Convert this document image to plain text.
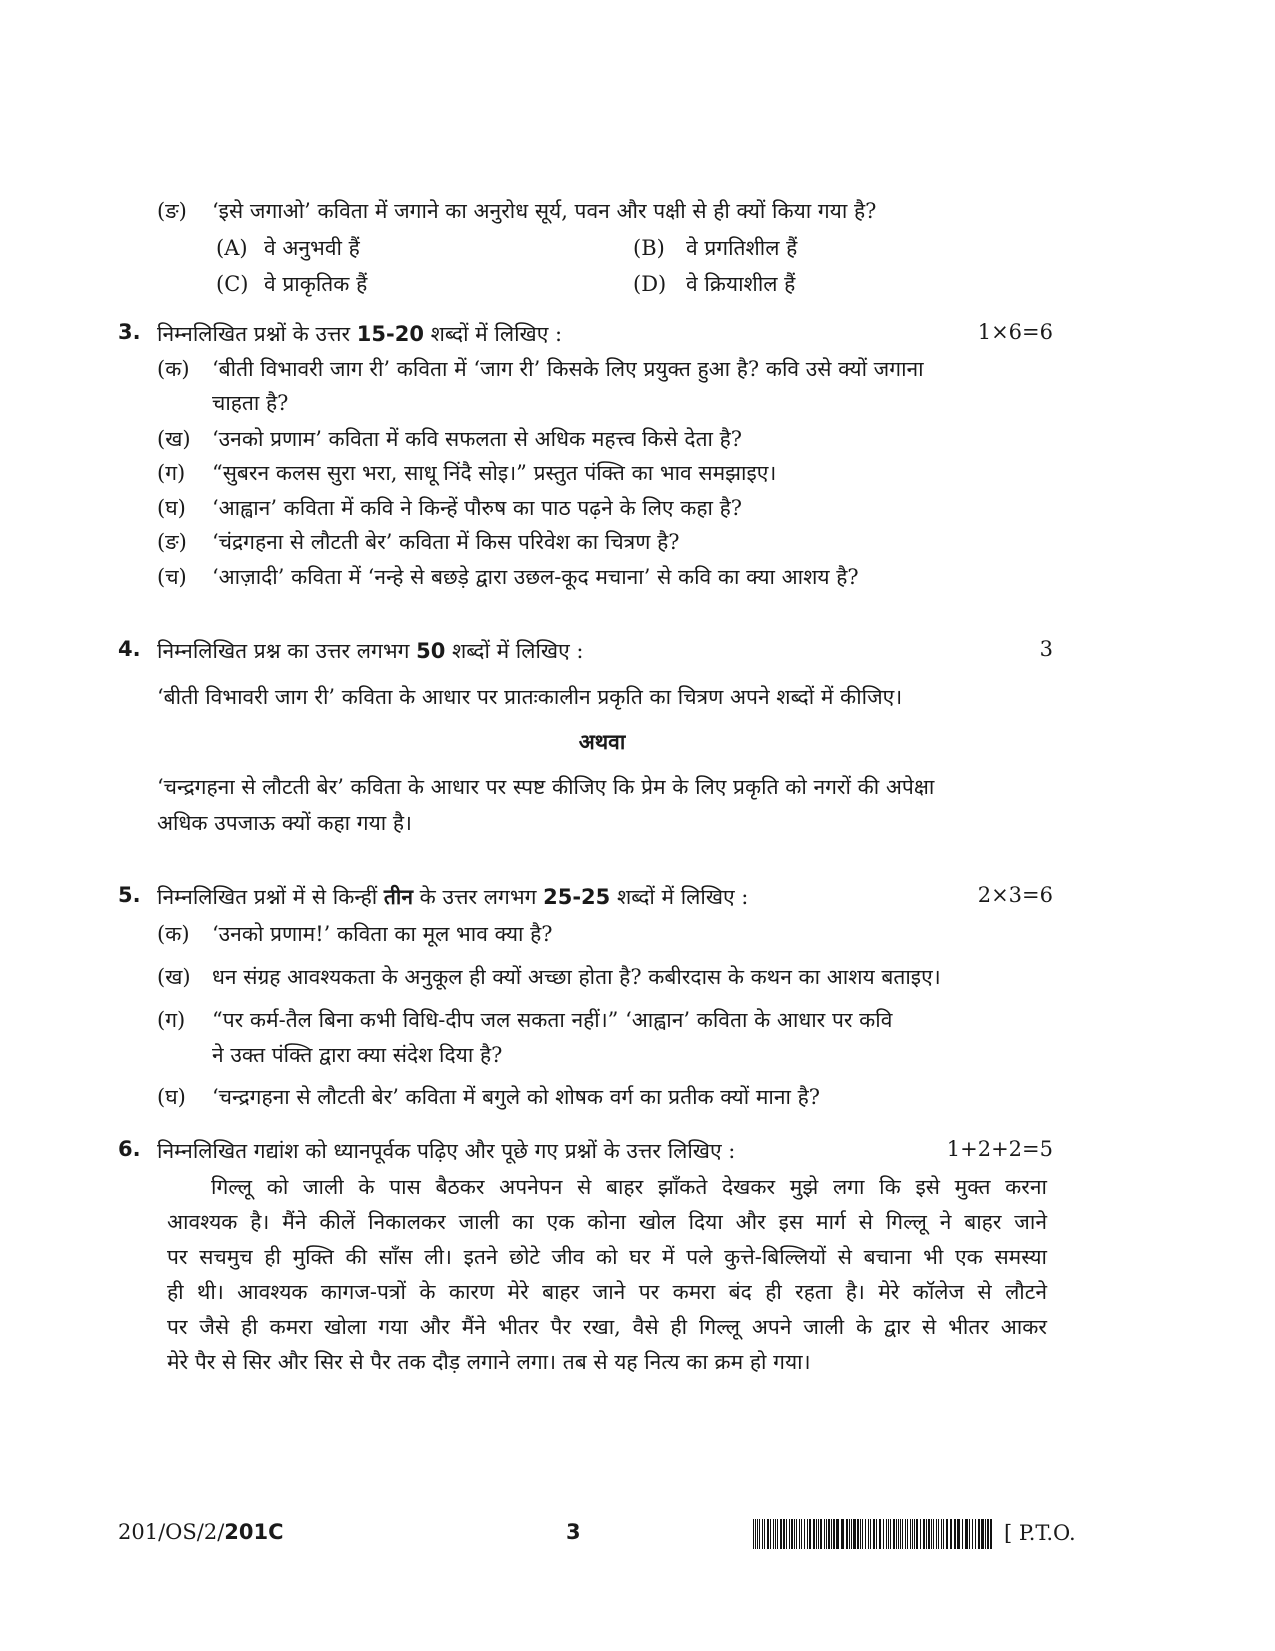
(ङ) ‘इसे जगाओ’ कविता में जगाने का अनुरोध सूर्य, पवन और पक्षी से ही क्यों किया गया है?
(A) वे अनुभवी हैं	(B) वे प्रगतिशील हैं
(C) वे प्राकृतिक हैं	(D) वे क्रियाशील हैं
3. निम्नलिखित प्रश्नों के उत्तर 15-20 शब्दों में लिखिए :	1×6=6
(क) ‘बीती विभावरी जाग री’ कविता में ‘जाग री’ किसके लिए प्रयुक्त हुआ है? कवि उसे क्यों जगाना
चाहता है?
(ख) ‘उनको प्रणाम’ कविता में कवि सफलता से अधिक महत्त्व किसे देता है?
(ग) “सुबरन कलस सुरा भरा, साधू निंदै सोइ।” प्रस्तुत पंक्ति का भाव समझाइए।
(घ) ‘आह्वान’ कविता में कवि ने किन्हें पौरुष का पाठ पढ़ने के लिए कहा है?
(ङ) ‘चंद्रगहना से लौटती बेर’ कविता में किस परिवेश का चित्रण है?
(च) ‘आज़ादी’ कविता में ‘नन्हे से बछड़े द्वारा उछल-कूद मचाना’ से कवि का क्या आशय है?
4. निम्नलिखित प्रश्न का उत्तर लगभग 50 शब्दों में लिखिए :	3
‘बीती विभावरी जाग री’ कविता के आधार पर प्रातःकालीन प्रकृति का चित्रण अपने शब्दों में कीजिए।
अथवा
‘चन्द्रगहना से लौटती बेर’ कविता के आधार पर स्पष्ट कीजिए कि प्रेम के लिए प्रकृति को नगरों की अपेक्षा
अधिक उपजाऊ क्यों कहा गया है।
5. निम्नलिखित प्रश्नों में से किन्हीं तीन के उत्तर लगभग 25-25 शब्दों में लिखिए :	2×3=6
(क) ‘उनको प्रणाम!’ कविता का मूल भाव क्या है?
(ख) धन संग्रह आवश्यकता के अनुकूल ही क्यों अच्छा होता है? कबीरदास के कथन का आशय बताइए।
(ग) “पर कर्म-तैल बिना कभी विधि-दीप जल सकता नहीं।” ‘आह्वान’ कविता के आधार पर कवि
ने उक्त पंक्ति द्वारा क्या संदेश दिया है?
(घ) ‘चन्द्रगहना से लौटती बेर’ कविता में बगुले को शोषक वर्ग का प्रतीक क्यों माना है?
6. निम्नलिखित गद्यांश को ध्यानपूर्वक पढ़िए और पूछे गए प्रश्नों के उत्तर लिखिए :	1+2+2=5
गिल्लू को जाली के पास बैठकर अपनेपन से बाहर झाँकते देखकर मुझे लगा कि इसे मुक्त करना
आवश्यक है। मैंने कीलें निकालकर जाली का एक कोना खोल दिया और इस मार्ग से गिल्लू ने बाहर जाने
पर सचमुच ही मुक्ति की साँस ली। इतने छोटे जीव को घर में पले कुत्ते-बिल्लियों से बचाना भी एक समस्या
ही थी। आवश्यक कागज-पत्रों के कारण मेरे बाहर जाने पर कमरा बंद ही रहता है। मेरे कॉलेज से लौटने
पर जैसे ही कमरा खोला गया और मैंने भीतर पैर रखा, वैसे ही गिल्लू अपने जाली के द्वार से भीतर आकर
मेरे पैर से सिर और सिर से पैर तक दौड़ लगाने लगा। तब से यह नित्य का क्रम हो गया।
201/OS/2/201C	3	[ P.T.O.
